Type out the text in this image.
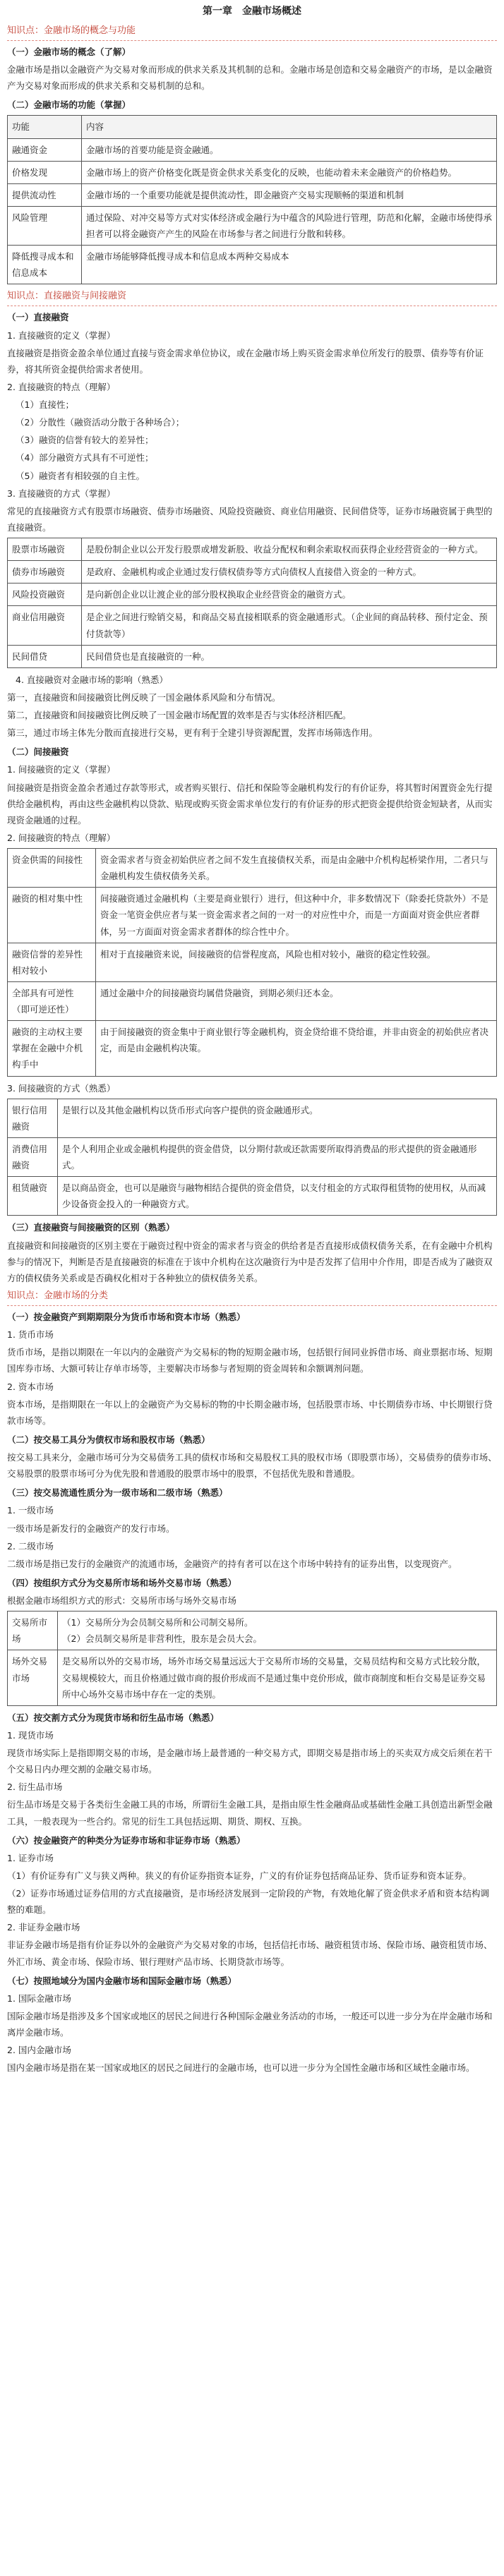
第一章　金融市场概述
知识点：金融市场的概念与功能
（一）金融市场的概念（了解）

金融市场是指以金融资产为交易对象而形成的供求关系及其机制的总和。金融市场是创造和交易金融资产的市场，是以金融资产为交易对象而形成的供求关系和交易机制的总和。

（二）金融市场的功能（掌握）
功能	内容
融通资金	金融市场的首要功能是资金融通。
价格发现	金融市场上的资产价格变化既是资金供求关系变化的反映，也能动着未来金融资产的价格趋势。
提供流动性	金融市场的一个重要功能就是提供流动性，即金融资产交易实现顺畅的渠道和机制
风险管理	通过保险、对冲交易等方式对实体经济或金融行为中蕴含的风险进行管理，防范和化解，金融市场使得承担者可以将金融资产产生的风险在市场参与者之间进行分散和转移。
降低搜寻成本和信息成本	金融市场能够降低搜寻成本和信息成本两种交易成本
知识点：直接融资与间接融资
（一）直接融资

1. 直接融资的定义（掌握）

直接融资是指资金盈余单位通过直接与资金需求单位协议，或在金融市场上购买资金需求单位所发行的股票、债券等有价证券，将其所资金提供给需求者使用。

2. 直接融资的特点（理解）

（1）直接性；

（2）分散性（融资活动分散于各种场合）；

（3）融资的信誉有较大的差异性；

（4）部分融资方式具有不可逆性；

（5）融资者有相较强的自主性。

3. 直接融资的方式（掌握）

常见的直接融资方式有股票市场融资、债券市场融资、风险投资融资、商业信用融资、民间借贷等，证券市场融资属于典型的直接融资。

股票市场融资	是股份制企业以公开发行股票或增发新股、收益分配权和剩余索取权而获得企业经营资金的一种方式。
债券市场融资	是政府、金融机构或企业通过发行债权债券等方式向债权人直接借入资金的一种方式。
风险投资融资	是向新创企业以让渡企业的部分股权换取企业经营资金的融资方式。
商业信用融资	是企业之间进行赊销交易，和商品交易直接相联系的资金融通形式。（企业间的商品转移、预付定金、预付货款等）
民间借贷	民间借贷也是直接融资的一种。

4. 直接融资对金融市场的影响（熟悉）

第一，直接融资和间接融资比例反映了一国金融体系风险和分布情况。

第二，直接融资和间接融资比例反映了一国金融市场配置的效率是否与实体经济相匹配。

第三，通过市场主体先分散而直接进行交易，更有利于全建引导资源配置，发挥市场筛选作用。

（二）间接融资

1. 间接融资的定义（掌握）

间接融资是指资金盈余者通过存款等形式，或者购买银行、信托和保险等金融机构发行的有价证券，将其暂时闲置资金先行提供给金融机构，再由这些金融机构以贷款、贴现或购买资金需求单位发行的有价证券的形式把资金提供给资金短缺者，从而实现资金融通的过程。

2. 间接融资的特点（理解）

资金供需的间接性	资金需求者与资金初始供应者之间不发生直接债权关系，而是由金融中介机构起桥梁作用，二者只与金融机构发生债权债务关系。
融资的相对集中性	间接融资通过金融机构（主要是商业银行）进行，但这种中介，非多数情况下（除委托贷款外）不是资金一笔资金供应者与某一资金需求者之间的一对一的对应性中介，而是一方面面对资金供应者群体，另一方面面对资金需求者群体的综合性中介。
融资信誉的差异性相对较小	相对于直接融资来说，间接融资的信誉程度高，风险也相对较小，融资的稳定性较强。
全部具有可逆性（即可逆还性）	通过金融中介的间接融资均属借贷融资，到期必须归还本金。
融资的主动权主要掌握在金融中介机构手中	由于间接融资的资金集中于商业银行等金融机构，资金贷给谁不贷给谁，并非由资金的初始供应者决定，而是由金融机构决策。

3. 间接融资的方式（熟悉）

银行信用融资	是银行以及其他金融机构以货币形式向客户提供的资金融通形式。
消费信用融资	是个人利用企业或金融机构提供的资金借贷，以分期付款或还款需要所取得消费品的形式提供的资金融通形式。
租赁融资	是以商品资金，也可以是融资与融物相结合提供的资金借贷，以支付租金的方式取得租赁物的使用权，从而减少设备资金投入的一种融资方式。
（三）直接融资与间接融资的区别（熟悉）

直接融资和间接融资的区别主要在于融资过程中资金的需求者与资金的供给者是否直接形成债权债务关系，在有金融中介机构参与的情况下，判断是否是直接融资的标准在于该中介机构在这次融资行为中是否发挥了信用中介作用，即是否成为了融资双方的债权债务关系或是否确权化相对于各种独立的债权债务关系。

知识点：金融市场的分类
（一）按金融资产到期期限分为货币市场和资本市场（熟悉）

1. 货币市场

货币市场，是指以期限在一年以内的金融资产为交易标的物的短期金融市场，包括银行间同业拆借市场、商业票据市场、短期国库券市场、大额可转让存单市场等，主要解决市场参与者短期的资金周转和余额调剂问题。

2. 资本市场

资本市场，是指期限在一年以上的金融资产为交易标的物的中长期金融市场，包括股票市场、中长期债券市场、中长期银行贷款市场等。

（二）按交易工具分为债权市场和股权市场（熟悉）

按交易工具来分，金融市场可分为交易债务工具的债权市场和交易股权工具的股权市场（即股票市场），交易债券的债券市场、交易股票的股票市场可分为优先股和普通股的股票市场中的股票，不包括优先股和普通股。

（三）按交易流通性质分为一级市场和二级市场（熟悉）

1. 一级市场

一级市场是新发行的金融资产的发行市场。

2. 二级市场

二级市场是指已发行的金融资产的流通市场，金融资产的持有者可以在这个市场中转持有的证券出售，以变现资产。

（四）按组织方式分为交易所市场和场外交易市场（熟悉）

根据金融市场组织方式的形式：交易所市场与场外交易市场

交易所市场	（1）交易所分为会员制交易所和公司制交易所。
（2）会员制交易所是非营利性，股东是会员大会。
场外交易市场	是交易所以外的交易市场，场外市场交易量远远大于交易所市场的交易量，交易员结构和交易方式比较分散，交易规模较大，而且价格通过做市商的报价形成而不是通过集中竞价形成，做市商制度和柜台交易是证券交易所中心场外交易市场中存在一定的类别。
（五）按交割方式分为现货市场和衍生品市场（熟悉）

1. 现货市场

现货市场实际上是指即期交易的市场，是金融市场上最普通的一种交易方式，即期交易是指市场上的买卖双方成交后须在若干个交易日内办理交割的金融交易市场。

2. 衍生品市场

衍生品市场是交易于各类衍生金融工具的市场，所谓衍生金融工具，是指由原生性金融商品或基础性金融工具创造出新型金融工具，一般表现为一些合约。常见的衍生工具包括远期、期货、期权、互换。

（六）按金融资产的种类分为证券市场和非证券市场（熟悉）

1. 证券市场

（1）有价证券有广义与狭义两种。狭义的有价证券指资本证券，广义的有价证券包括商品证券、货币证券和资本证券。

（2）证券市场通过证券信用的方式直接融资，是市场经济发展到一定阶段的产物，有效地化解了资金供求矛盾和资本结构调整的难题。

2. 非证券金融市场

非证券金融市场是指有价证券以外的金融资产为交易对象的市场，包括信托市场、融资租赁市场、保险市场、融资租赁市场、外汇市场、黄金市场、保险市场、银行理财产品市场、长期贷款市场等。

（七）按照地域分为国内金融市场和国际金融市场（熟悉）

1. 国际金融市场

国际金融市场是指涉及多个国家或地区的居民之间进行各种国际金融业务活动的市场，一般还可以进一步分为在岸金融市场和离岸金融市场。

2. 国内金融市场

国内金融市场是指在某一国家或地区的居民之间进行的金融市场，也可以进一步分为全国性金融市场和区域性金融市场。
